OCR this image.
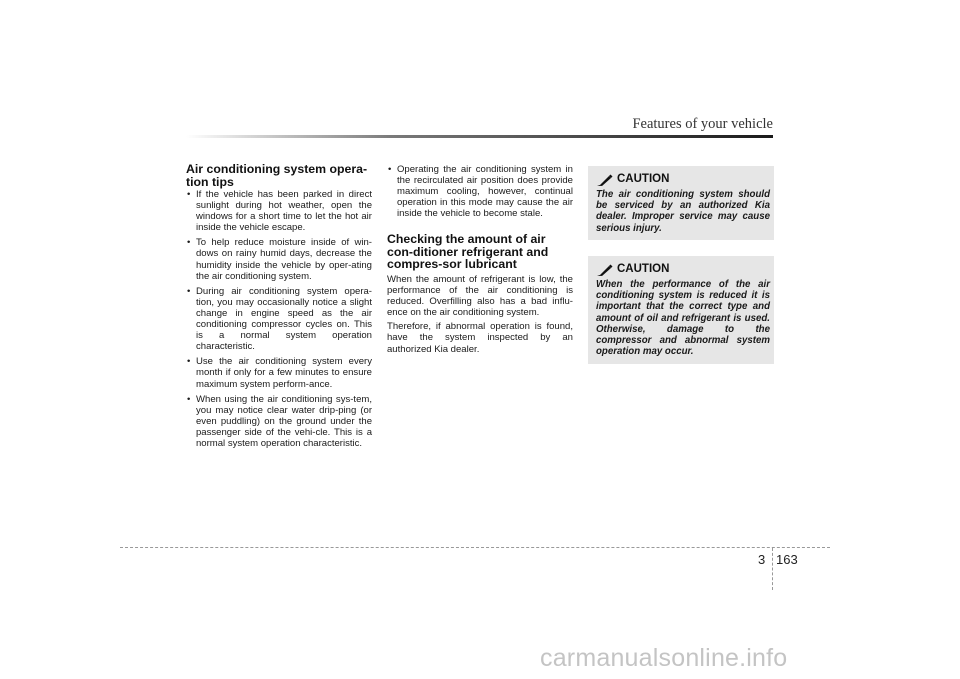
Features of your vehicle
Air conditioning system opera-tion tips
• If the vehicle has been parked in direct sunlight during hot weather, open the windows for a short time to let the hot air inside the vehicle escape.
• To help reduce moisture inside of win-dows on rainy humid days, decrease the humidity inside the vehicle by oper-ating the air conditioning system.
• During air conditioning system opera-tion, you may occasionally notice a slight change in engine speed as the air conditioning compressor cycles on. This is a normal system operation characteristic.
• Use the air conditioning system every month if only for a few minutes to ensure maximum system perform-ance.
• When using the air conditioning sys-tem, you may notice clear water drip-ping (or even puddling) on the ground under the passenger side of the vehi-cle. This is a normal system operation characteristic.
• Operating the air conditioning system in the recirculated air position does provide maximum cooling, however, continual operation in this mode may cause the air inside the vehicle to become stale.
Checking the amount of air con-ditioner refrigerant and compres-sor lubricant

When the amount of refrigerant is low, the performance of the air conditioning is reduced. Overfilling also has a bad influ-ence on the air conditioning system.

Therefore, if abnormal operation is found, have the system inspected by an authorized Kia dealer.

CAUTION

The air conditioning system should be serviced by an authorized Kia dealer. Improper service may cause serious injury.

CAUTION

When the performance of the air conditioning system is reduced it is important that the correct type and amount of oil and refrigerant is used. Otherwise, damage to the compressor and abnormal system operation may occur.

3 163
carmanualsonline.info
